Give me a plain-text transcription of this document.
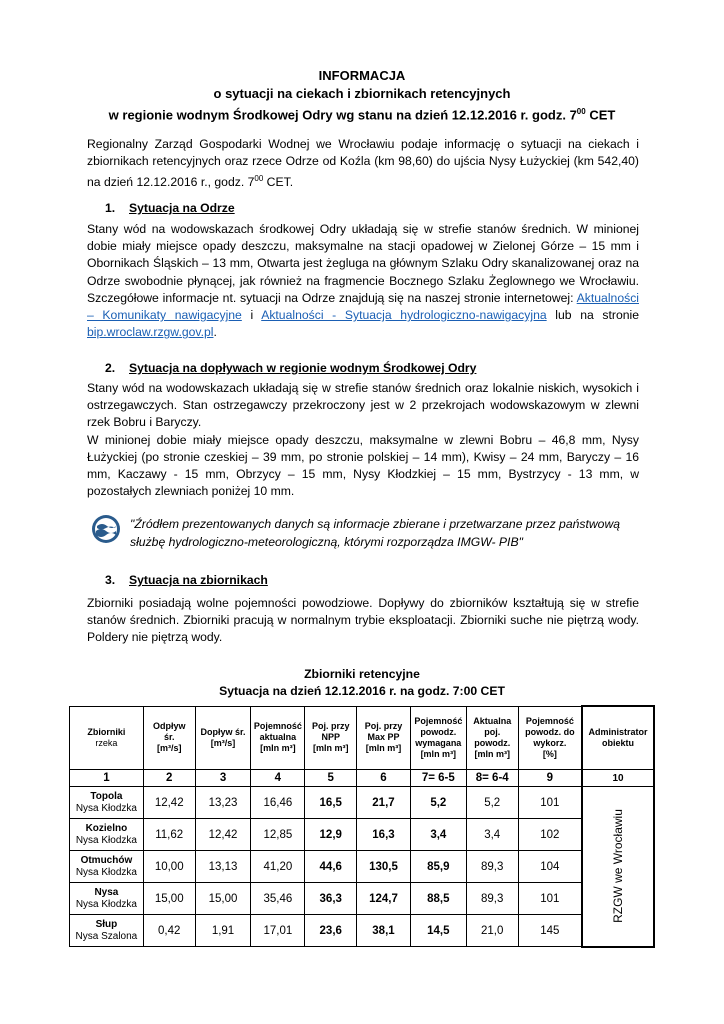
INFORMACJA
o sytuacji na ciekach i zbiornikach retencyjnych
w regionie wodnym Środkowej Odry wg stanu na dzień 12.12.2016 r. godz. $7^{00}$ CET

Regionalny Zarząd Gospodarki Wodnej we Wrocławiu podaje informację o sytuacji na ciekach i zbiornikach retencyjnych oraz rzece Odrze od Koźla (km 98,60) do ujścia Nysy Łużyckiej (km 542,40) na dzień 12.12.2016 r., godz. $7^{00}$ CET.

1. Sytuacja na Odrze

Stany wód na wodowskazach środkowej Odry układają się w strefie stanów średnich. W minionej dobie miały miejsce opady deszczu, maksymalne na stacji opadowej w Zielonej Górze – 15 mm i Obornikach Śląskich – 13 mm, Otwarta jest żegluga na głównym Szlaku Odry skanalizowanej oraz na Odrze swobodnie płynącej, jak również na fragmencie Bocznego Szlaku Żeglownego we Wrocławiu. Szczegółowe informacje nt. sytuacji na Odrze znajdują się na naszej stronie internetowej: Aktualności – Komunikaty nawigacyjne i Aktualności - Sytuacja hydrologiczno-nawigacyjna lub na stronie bip.wroclaw.rzgw.gov.pl.

2. Sytuacja na dopływach w regionie wodnym Środkowej Odry

Stany wód na wodowskazach układają się w strefie stanów średnich oraz lokalnie niskich, wysokich i ostrzegawczych. Stan ostrzegawczy przekroczony jest w 2 przekrojach wodowskazowym w zlewni rzek Bobru i Baryczy.

W minionej dobie miały miejsce opady deszczu, maksymalne w zlewni Bobru – 46,8 mm, Nysy Łużyckiej (po stronie czeskiej – 39 mm, po stronie polskiej – 14 mm), Kwisy – 24 mm, Baryczy – 16 mm, Kaczawy - 15 mm, Obrzycy – 15 mm, Nysy Kłodzkiej – 15 mm, Bystrzycy - 13 mm, w pozostałych zlewniach poniżej 10 mm.

"Źródłem prezentowanych danych są informacje zbierane i przetwarzane przez państwową służbę hydrologiczno-meteorologiczną, którymi rozporządza IMGW- PIB"
3. Sytuacja na zbiornikach

Zbiorniki posiadają wolne pojemności powodziowe. Dopływy do zbiorników kształtują się w strefie stanów średnich. Zbiorniki pracują w normalnym trybie eksploatacji. Zbiorniki suche nie piętrzą wody. Poldery nie piętrzą wody.

Zbiorniki retencyjne
Sytuacja na dzień 12.12.2016 r. na godz. 7:00 CET
Zbiorniki
rzeka	Odpływ
śr.
[m³/s]	Dopływ śr.
[m³/s]	Pojemność
aktualna
[mln m³]	Poj. przy
NPP
[mln m³]	Poj. przy
Max PP
[mln m³]	Pojemność
powodz.
wymagana
[mln m³]	Aktualna
poj.
powodz.
[mln m³]	Pojemność
powodz. do
wykorz.
[%]	Administrator
obiektu
1	2	3	4	5	6	7= 6-5	8= 6-4	9	10

Topola
Nysa Kłodzka	12,42	13,23	16,46	16,5	21,7	5,2	5,2	101	RZGW we Wrocławiu

Kozielno
Nysa Kłodzka	11,62	12,42	12,85	12,9	16,3	3,4	3,4	102	

Otmuchów
Nysa Kłodzka	10,00	13,13	41,20	44,6	130,5	85,9	89,3	104	

Nysa
Nysa Kłodzka	15,00	15,00	35,46	36,3	124,7	88,5	89,3	101	

Słup
Nysa Szalona	0,42	1,91	17,01	23,6	38,1	14,5	21,0	145	
